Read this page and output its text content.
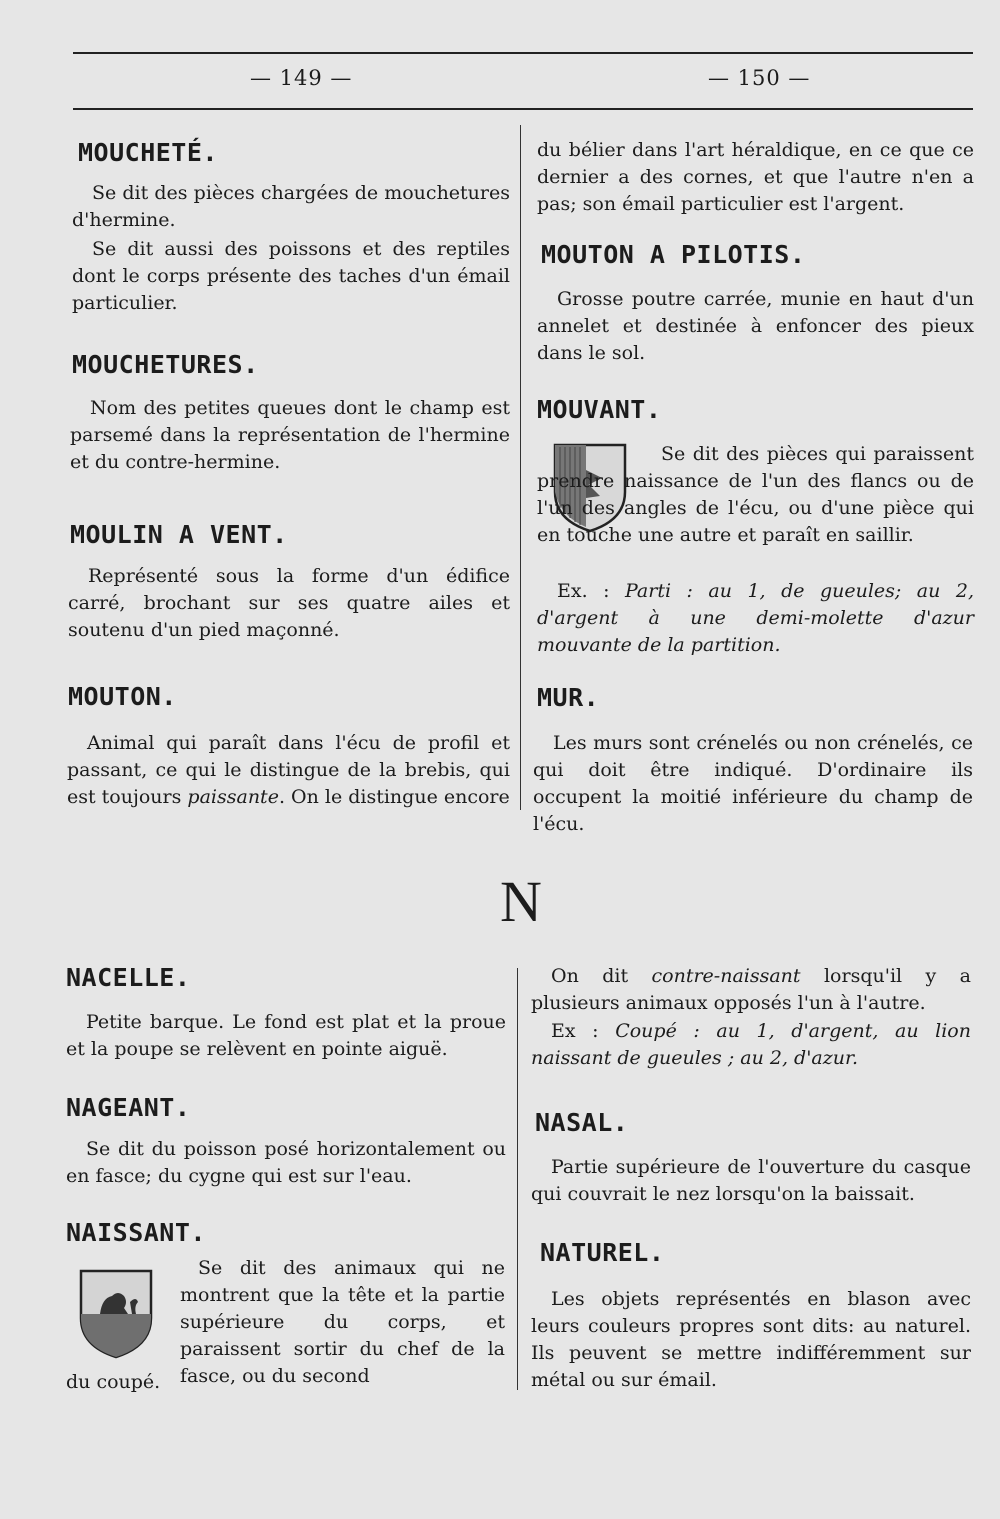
— 149 —	— 150 —
MOUCHETÉ.

Se dit des pièces chargées de mouchetures d'hermine.

Se dit aussi des poissons et des reptiles dont le corps présente des taches d'un émail particulier.

MOUCHETURES.

Nom des petites queues dont le champ est parsemé dans la représentation de l'hermine et du contre-hermine.

MOULIN A VENT.

Représenté sous la forme d'un édifice carré, brochant sur ses quatre ailes et soutenu d'un pied maçonné.

MOUTON.

Animal qui paraît dans l'écu de profil et passant, ce qui le distingue de la brebis, qui est toujours paissante. On le distingue encore

du bélier dans l'art héraldique, en ce que ce dernier a des cornes, et que l'autre n'en a pas; son émail particulier est l'argent.

MOUTON A PILOTIS.

Grosse poutre carrée, munie en haut d'un annelet et destinée à enfoncer des pieux dans le sol.

MOUVANT.

Se dit des pièces qui paraissent prendre naissance de l'un des flancs ou de l'un des angles de l'écu, ou d'une pièce qui en touche une autre et paraît en saillir.

Ex. : Parti : au 1, de gueules; au 2, d'argent à une demi-molette d'azur mouvante de la partition.

MUR.

Les murs sont crénelés ou non crénelés, ce qui doit être indiqué. D'ordinaire ils occupent la moitié inférieure du champ de l'écu.

N
NACELLE.

Petite barque. Le fond est plat et la proue et la poupe se relèvent en pointe aiguë.

NAGEANT.

Se dit du poisson posé horizontalement ou en fasce; du cygne qui est sur l'eau.

NAISSANT.

Se dit des animaux qui ne montrent que la tête et la partie supérieure du corps, et paraissent sortir du chef de la fasce, ou du second

du coupé.

On dit contre-naissant lorsqu'il y a plusieurs animaux opposés l'un à l'autre.

Ex : Coupé : au 1, d'argent, au lion naissant de gueules ; au 2, d'azur.

NASAL.

Partie supérieure de l'ouverture du casque qui couvrait le nez lorsqu'on la baissait.

NATUREL.

Les objets représentés en blason avec leurs couleurs propres sont dits: au naturel. Ils peuvent se mettre indifféremment sur métal ou sur émail.
